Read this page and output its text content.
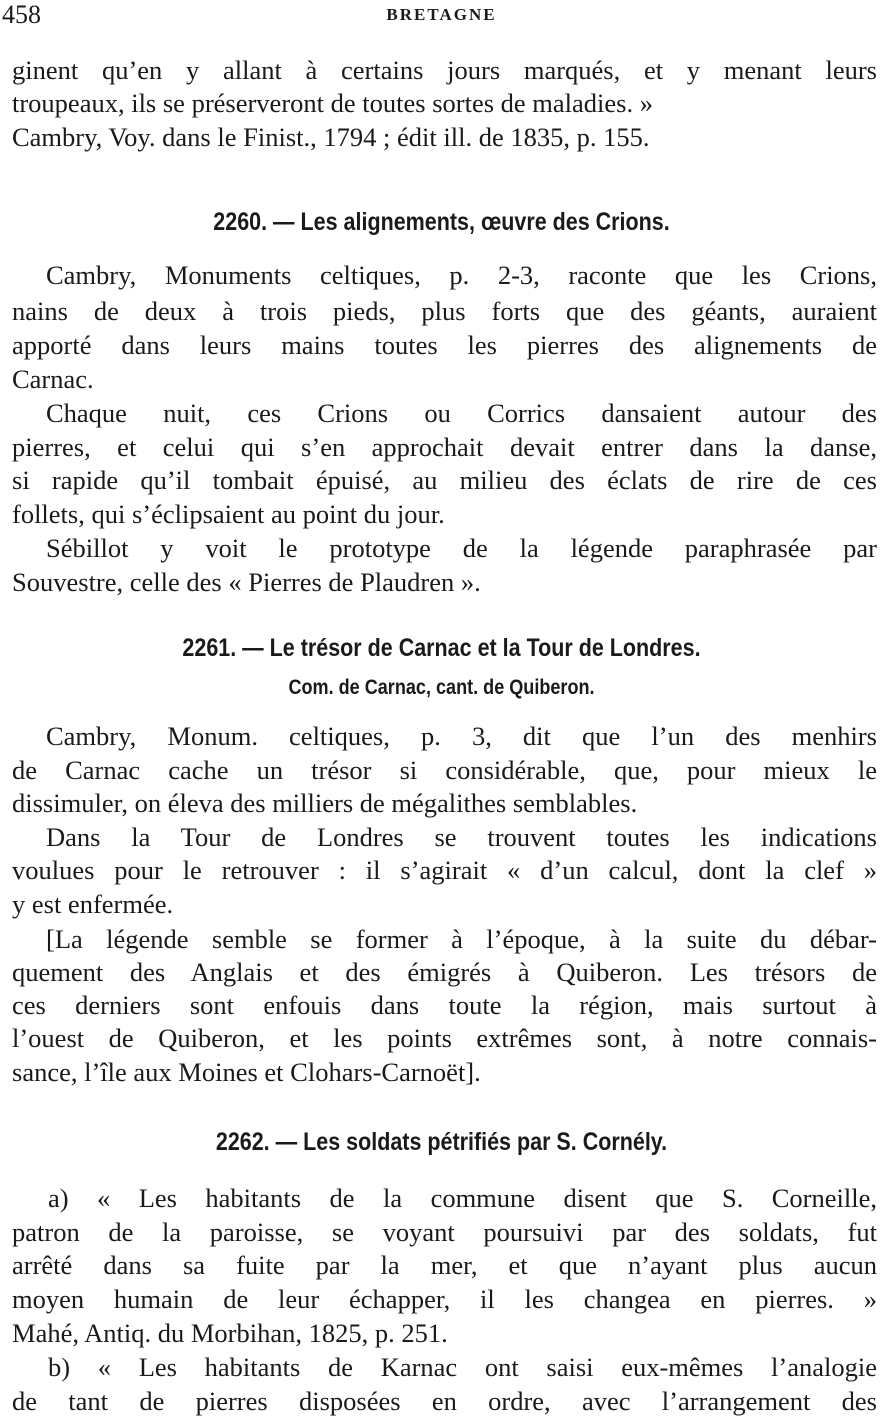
458	BRETAGNE
ginent qu’en y allant à certains jours marqués, et y menant leurs
troupeaux, ils se préserveront de toutes sortes de maladies. »
Cambry, Voy. dans le Finist., 1794 ; édit ill. de 1835, p. 155.
2260. — Les alignements, œuvre des Crions.
Cambry, Monuments celtiques, p. 2-3, raconte que les Crions,
nains de deux à trois pieds, plus forts que des géants, auraient
apporté dans leurs mains toutes les pierres des alignements de
Carnac.
Chaque nuit, ces Crions ou Corrics dansaient autour des
pierres, et celui qui s’en approchait devait entrer dans la danse,
si rapide qu’il tombait épuisé, au milieu des éclats de rire de ces
follets, qui s’éclipsaient au point du jour.
Sébillot y voit le prototype de la légende paraphrasée par
Souvestre, celle des « Pierres de Plaudren ».
2261. — Le trésor de Carnac et la Tour de Londres.
Com. de Carnac, cant. de Quiberon.
Cambry, Monum. celtiques, p. 3, dit que l’un des menhirs
de Carnac cache un trésor si considérable, que, pour mieux le
dissimuler, on éleva des milliers de mégalithes semblables.
Dans la Tour de Londres se trouvent toutes les indications
voulues pour le retrouver : il s’agirait « d’un calcul, dont la clef »
y est enfermée.
[La légende semble se former à l’époque, à la suite du débar-
quement des Anglais et des émigrés à Quiberon. Les trésors de
ces derniers sont enfouis dans toute la région, mais surtout à
l’ouest de Quiberon, et les points extrêmes sont, à notre connais-
sance, l’île aux Moines et Clohars-Carnoët].
2262. — Les soldats pétrifiés par S. Cornély.
a) « Les habitants de la commune disent que S. Corneille,
patron de la paroisse, se voyant poursuivi par des soldats, fut
arrêté dans sa fuite par la mer, et que n’ayant plus aucun
moyen humain de leur échapper, il les changea en pierres. »
Mahé, Antiq. du Morbihan, 1825, p. 251.
b) « Les habitants de Karnac ont saisi eux-mêmes l’analogie
de tant de pierres disposées en ordre, avec l’arrangement des
